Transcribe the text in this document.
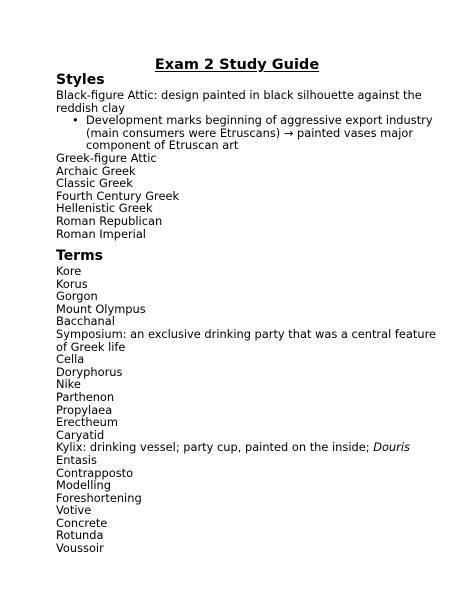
Exam 2 Study Guide

Styles

Black-figure Attic: design painted in black silhouette against the

reddish clay

• Development marks beginning of aggressive export industry

(main consumers were Etruscans) → painted vases major

component of Etruscan art

Greek-figure Attic

Archaic Greek

Classic Greek

Fourth Century Greek

Hellenistic Greek

Roman Republican

Roman Imperial

Terms

Kore

Korus

Gorgon

Mount Olympus

Bacchanal

Symposium: an exclusive drinking party that was a central feature

of Greek life

Cella

Doryphorus

Nike

Parthenon

Propylaea

Erectheum

Caryatid

Kylix: drinking vessel; party cup, painted on the inside; Douris

Entasis

Contrapposto

Modelling

Foreshortening

Votive

Concrete

Rotunda

Voussoir
